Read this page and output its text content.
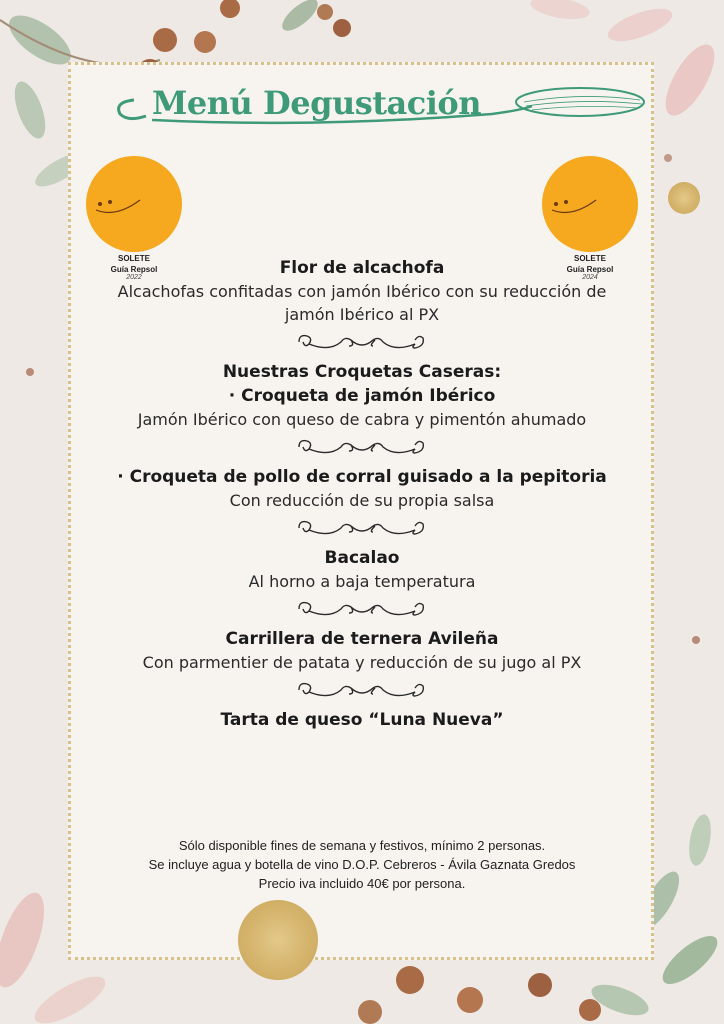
Menú Degustación
SOLETE
Guía Repsol
2022
SOLETE
Guía Repsol
2024
Flor de alcachofa
Alcachofas confitadas con jamón Ibérico con su reducción de jamón Ibérico al PX
Nuestras Croquetas Caseras:
· Croqueta de jamón Ibérico
Jamón Ibérico con queso de cabra y pimentón ahumado
· Croqueta de pollo de corral guisado a la pepitoria
Con reducción de su propia salsa
Bacalao
Al horno a baja temperatura
Carrillera de ternera Avileña
Con parmentier de patata y reducción de su jugo al PX
Tarta de queso “Luna Nueva”
Sólo disponible fines de semana y festivos, mínimo 2 personas.
Se incluye agua y botella de vino D.O.P. Cebreros - Ávila Gaznata Gredos
Precio iva incluido 40€ por persona.
